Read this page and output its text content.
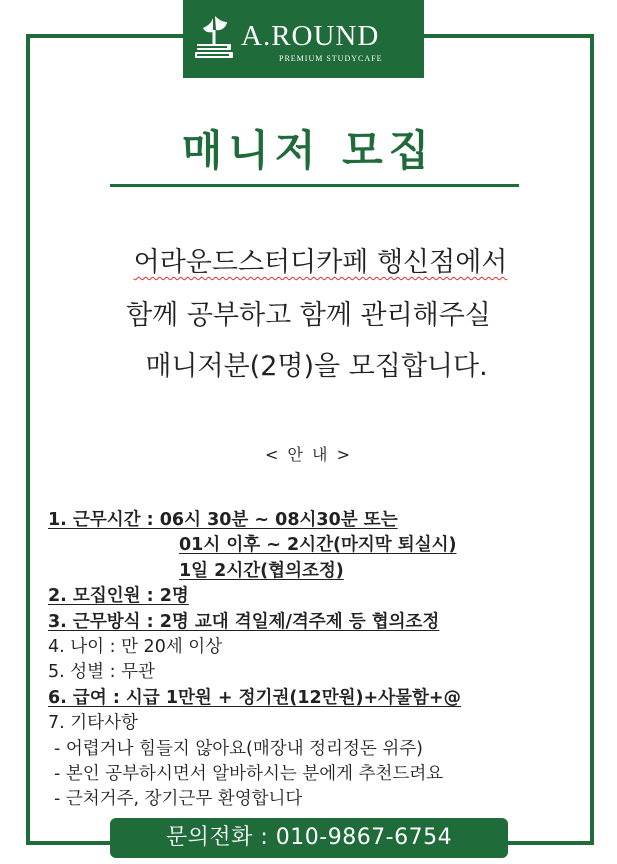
A.ROUND
PREMIUM STUDYCAFE
매니저 모집
어라운드스터디카페 행신점에서
함께 공부하고 함께 관리해주실
매니저분(2명)을 모집합니다.
< 안 내 >
1. 근무시간 : 06시 30분 ~ 08시30분 또는
01시 이후 ~ 2시간(마지막 퇴실시)
1일 2시간(협의조정)
2. 모집인원 : 2명
3. 근무방식 : 2명 교대 격일제/격주제 등 협의조정
4. 나이 : 만 20세 이상
5. 성별 : 무관
6. 급여 : 시급 1만원 + 정기권(12만원)+사물함+@
7. 기타사항
- 어렵거나 힘들지 않아요(매장내 정리정돈 위주)
- 본인 공부하시면서 알바하시는 분에게 추천드려요
- 근처거주, 장기근무 환영합니다
문의전화 : 010-9867-6754
